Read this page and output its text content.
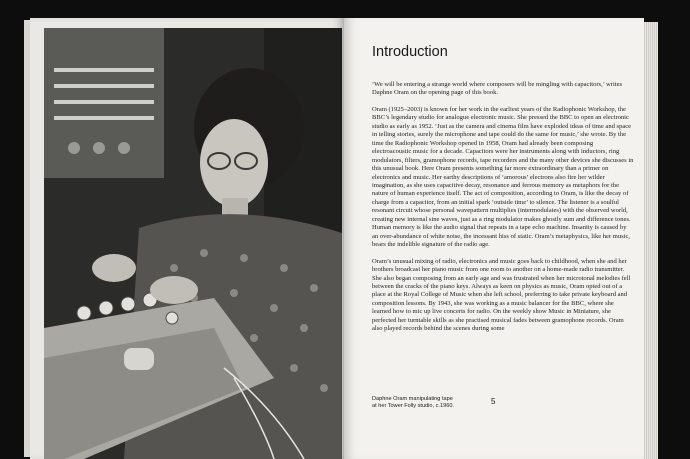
Introduction

‘We will be entering a strange world where composers will be mingling with capacitors,’ writes Daphne Oram on the opening page of this book.

Oram (1925–2003) is known for her work in the earliest years of the Radiophonic Workshop, the BBC’s legendary studio for analogue electronic music. She pressed the BBC to open an electronic studio as early as 1952. ‘Just as the camera and cinema film have exploded ideas of time and space in telling stories, surely the microphone and tape could do the same for music,’ she wrote. By the time the Radiophonic Workshop opened in 1958, Oram had already been composing electroacoustic music for a decade. Capacitors were her instruments along with inductors, ring modulators, filters, gramophone records, tape recorders and the many other devices she discusses in this unusual book. Here Oram presents something far more extraordinary than a primer on electronics and music. Her earthy descriptions of ‘amorous’ electrons also fire her wilder imagination, as she uses capacitive decay, resonance and ferrous memory as metaphors for the nature of human experience itself. The act of composition, according to Oram, is like the decay of charge from a capacitor, from an initial spark ‘outside time’ to silence. The listener is a soulful resonant circuit whose personal wavepattern multiplies (intermodulates) with the observed world, creating new internal sine waves, just as a ring modulator makes ghostly sum and difference tones. Human memory is like the audio signal that repeats in a tape echo machine. Insanity is caused by an over-abundance of white noise, the incessant hiss of static. Oram’s metaphysics, like her music, bears the indelible signature of the radio age.

Oram’s unusual mixing of radio, electronics and music goes back to childhood, when she and her brothers broadcast her piano music from one room to another on a home-made radio transmitter. She also began composing from an early age and was frustrated when her microtonal melodies fell between the cracks of the piano keys. Always as keen on physics as music, Oram opted out of a place at the Royal College of Music when she left school, preferring to take private keyboard and composition lessons. By 1943, she was working as a music balancer for the BBC, where she learned how to mic up live concerts for radio. On the weekly show Music in Miniature, she perfected her turntable skills as she practised musical fades between gramophone records. Oram also played records behind the scenes during some

Daphne Oram manipulating tape
at her Tower Folly studio, c.1960.	5
